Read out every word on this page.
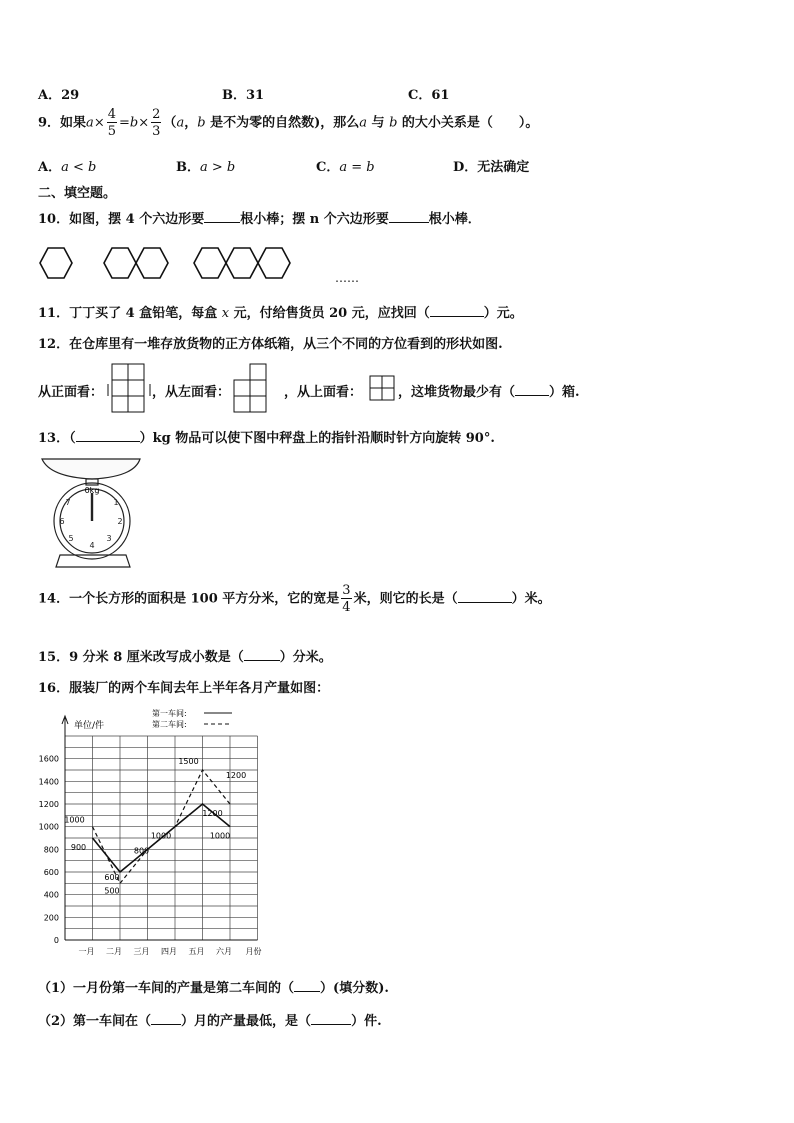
A．29	B．31	C．61
9．如果$a\times \frac{4}{5} =b\times \frac{2}{3} (a$，b 是不为零的自然数)，那么a 与 b 的大小关系是（　　）。
A．a < b	B．a > b	C．a = b	D．无法确定
二、填空题。
10．如图，摆 4 个六边形要	根小棒；摆 n 个六边形要	根小棒．
……
11．丁丁买了 4 盒铅笔，每盒 x 元，付给售货员 20 元，应找回（	）元。
12．在仓库里有一堆存放货物的正方体纸箱，从三个不同的方位看到的形状如图.
从正面看：	，从左面看：	，从上面看：	，这堆货物最少有（	）箱.
13．（	）kg 物品可以使下图中秤盘上的指针沿顺时针方向旋转 90°.
0kg
1
2
3
4
5
6
7
14．一个长方形的面积是 100 平方分米，它的宽是 $\frac{3}{4}$ 米，则它的长是（	）米。
15．9 分米 8 厘米改写成小数是（	）分米。
16．服装厂的两个车间去年上半年各月产量如图：
0
200
400
600
800
1000
1200
1400
1600
一月 二月 三月 四月 五月 六月 月份
900
600
800
1000
1200
1000
1000
500
1500
1200
第一车间:
第二车间:
单位/件
（1）一月份第一车间的产量是第二车间的（ ）(填分数).
（2）第一车间在（ ）月的产量最低，是（	）件.
